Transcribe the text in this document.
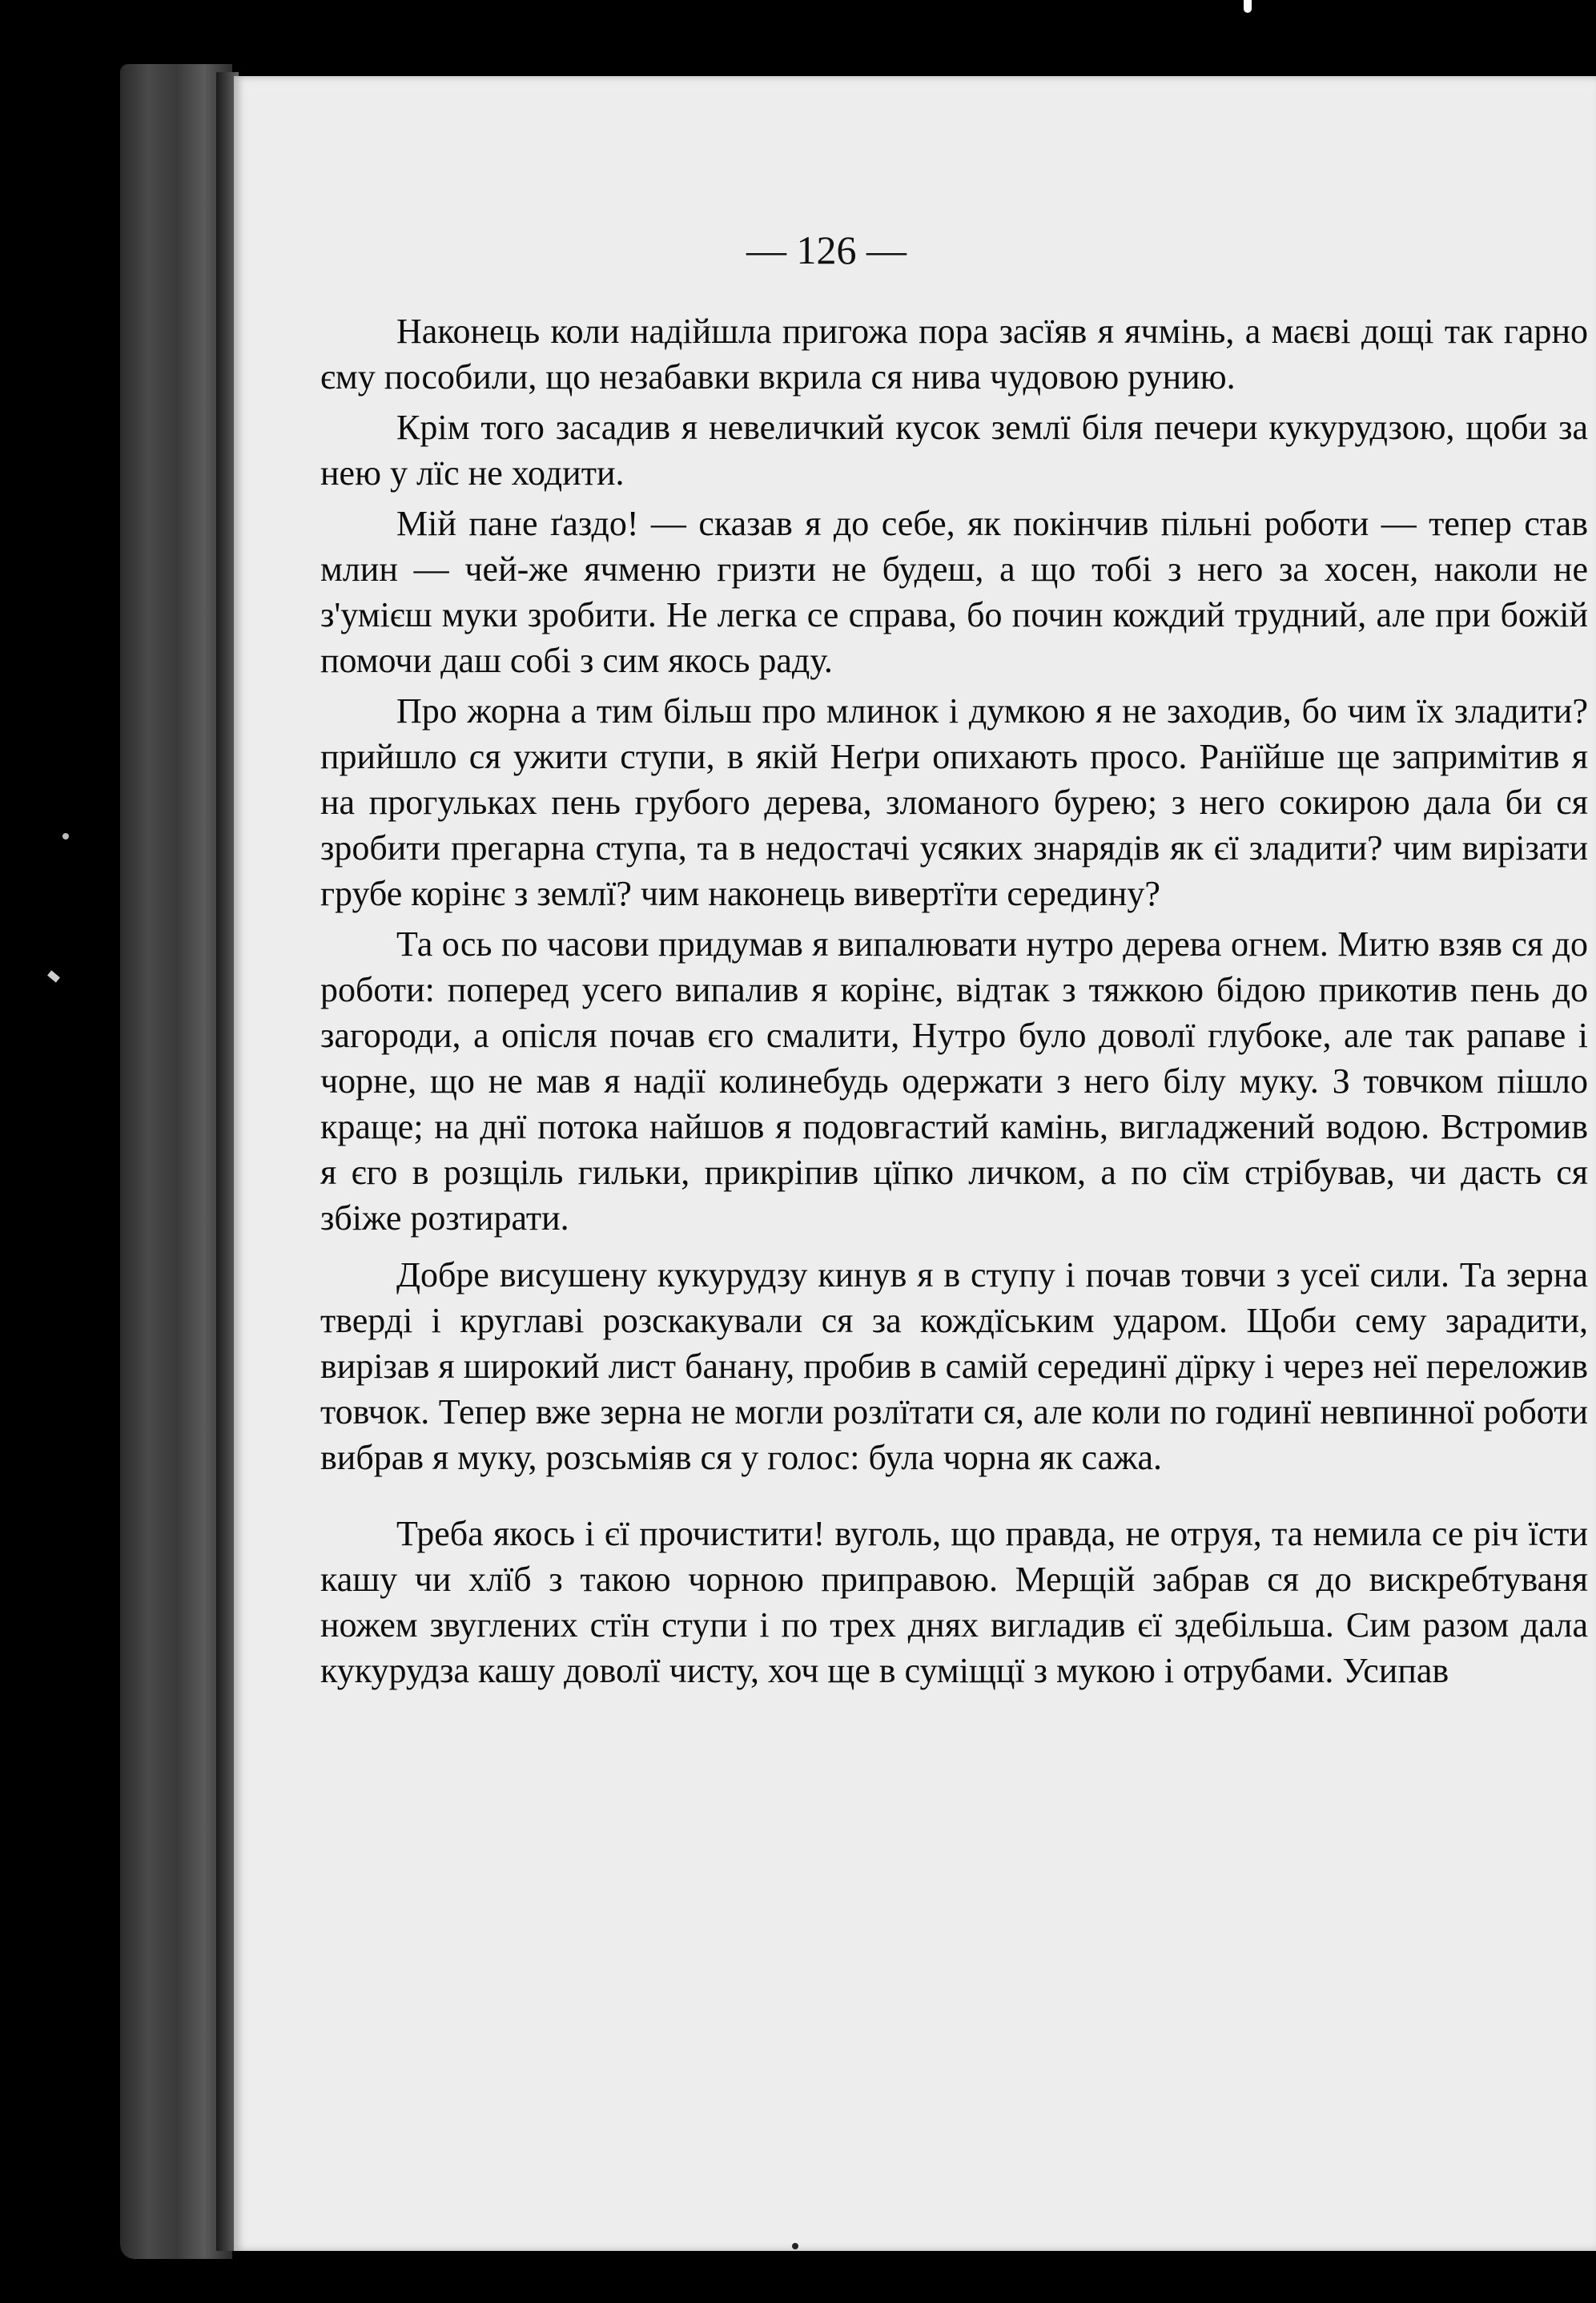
— 126 —

Наконець коли надійшла пригожа пора засїяв я ячмінь, а маєві дощі так гарно єму пособили, що незабавки вкрила ся нива чудовою рунию.

Крім того засадив я невеличкий кусок землї біля печери кукурудзою, щоби за нею у лїс не ходити.

Мій пане ґаздо! — сказав я до себе, як покінчив пільні роботи — тепер став млин — чей-же ячменю гризти не будеш, а що тобі з него за хосен, наколи не з'умієш муки зробити. Не легка се справа, бо почин кождий трудний, але при божій помочи даш собі з сим якось раду.

Про жорна а тим більш про млинок і думкою я не заходив, бо чим їх зладити? прийшло ся ужити ступи, в якій Неґри опихають просо. Ранїйше ще запримітив я на прогульках пень грубого дерева, зломаного бурею; з него сокирою дала би ся зробити прегарна ступа, та в недостачі усяких знарядів як єї зладити? чим вирізати грубе корінє з землї? чим наконець вивертїти середину?

Та ось по часови придумав я випалювати нутро дерева огнем. Митю взяв ся до роботи: поперед усего випалив я корінє, відтак з тяжкою бідою прикотив пень до загороди, а опісля почав єго смалити, Нутро було доволї глубоке, але так рапаве і чорне, що не мав я надії колинебудь одержати з него білу муку. З товчком пішло краще; на днї потока найшов я подовгастий камінь, вигладжений водою. Встромив я єго в розщіль гильки, прикріпив цїпко личком, а по сїм стрібував, чи дасть ся збіже розтирати.

Добре висушену кукурудзу кинув я в ступу і почав товчи з усеї сили. Та зерна тверді і круглаві розскакували ся за кождїським ударом. Щоби сему зарадити, вирізав я широкий лист банану, пробив в самій серединї дїрку і через неї переложив товчок. Тепер вже зерна не могли розлїтати ся, але коли по годинї невпинної роботи вибрав я муку, розсьміяв ся у голос: була чорна як сажа.

Треба якось і єї прочистити! вуголь, що правда, не отруя, та немила се річ їсти кашу чи хлїб з такою чорною приправою. Мерщій забрав ся до вискребтуваня ножем звуглених стїн ступи і по трех днях вигладив єї здебільша. Сим разом дала кукурудза кашу доволї чисту, хоч ще в суміщцї з мукою і отрубами. Усипав
